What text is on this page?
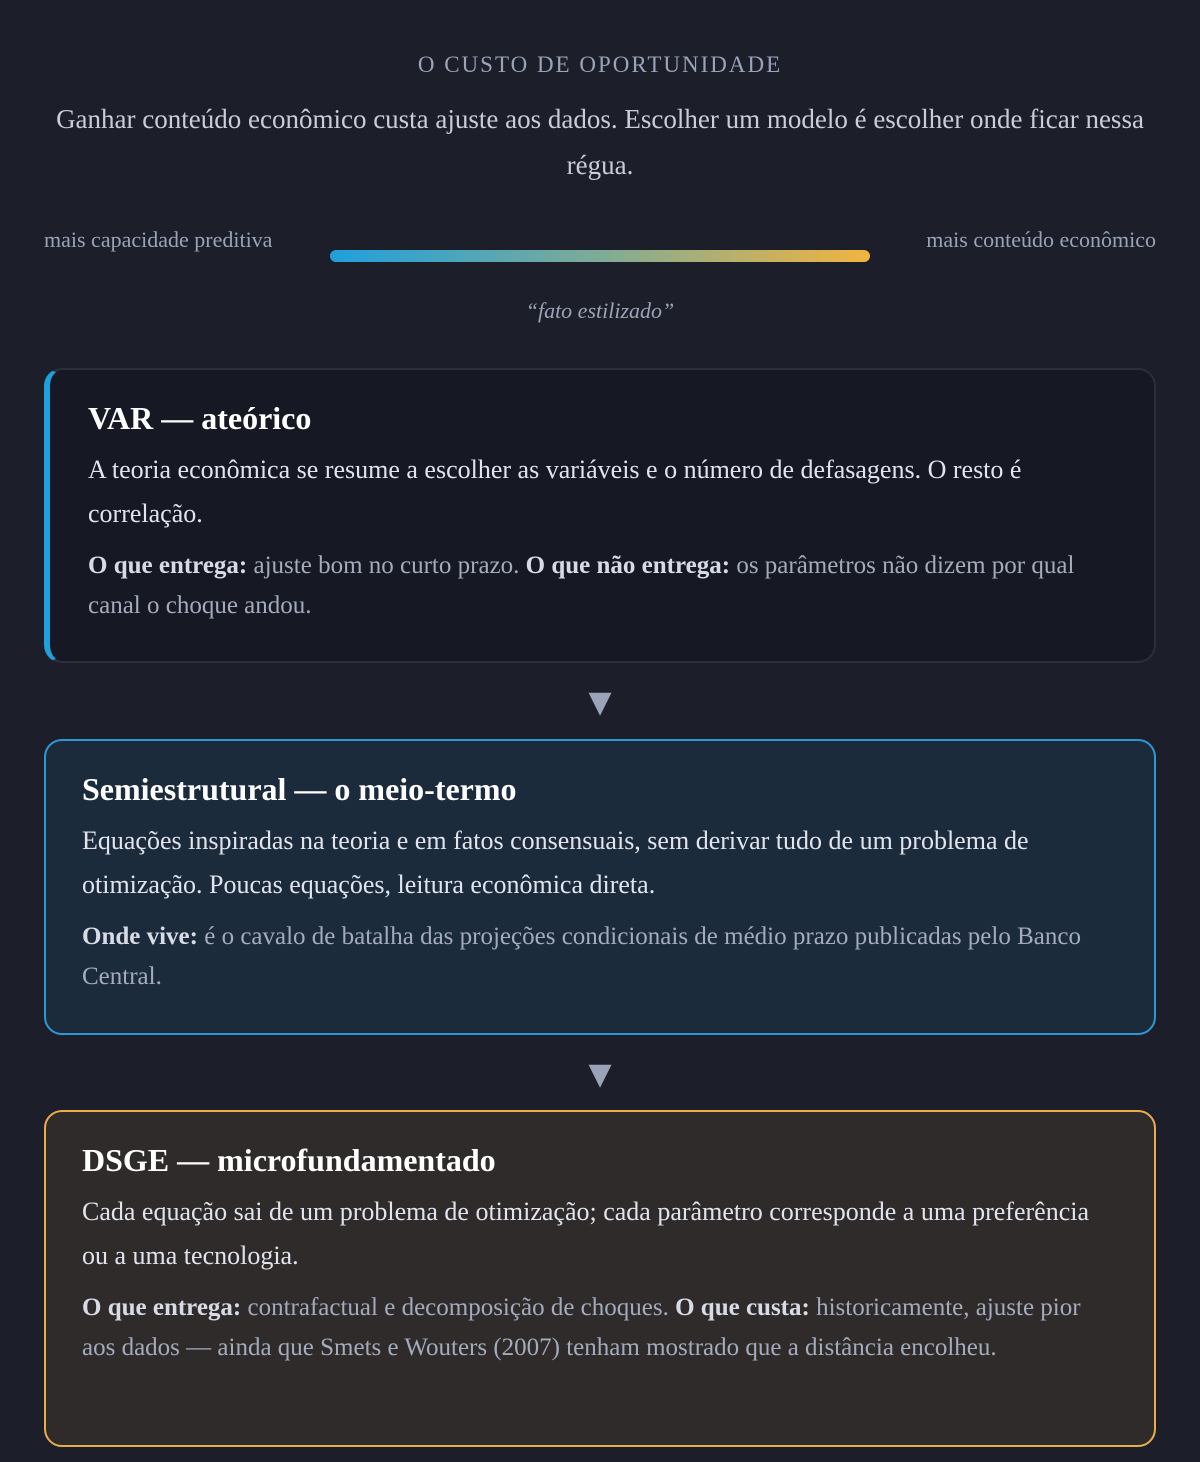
O CUSTO DE OPORTUNIDADE
Ganhar conteúdo econômico custa ajuste aos dados. Escolher um modelo é escolher onde ficar nessa régua.
mais capacidade preditiva	mais conteúdo econômico
“fato estilizado”
VAR — ateórico

A teoria econômica se resume a escolher as variáveis e o número de defasagens. O resto é correlação.

O que entrega: ajuste bom no curto prazo. O que não entrega: os parâmetros não dizem por qual canal o choque andou.

▼
Semiestrutural — o meio-termo

Equações inspiradas na teoria e em fatos consensuais, sem derivar tudo de um problema de otimização. Poucas equações, leitura econômica direta.

Onde vive: é o cavalo de batalha das projeções condicionais de médio prazo publicadas pelo Banco Central.

▼
DSGE — microfundamentado

Cada equação sai de um problema de otimização; cada parâmetro corresponde a uma preferência ou a uma tecnologia.

O que entrega: contrafactual e decomposição de choques. O que custa: historicamente, ajuste pior aos dados — ainda que Smets e Wouters (2007) tenham mostrado que a distância encolheu.
